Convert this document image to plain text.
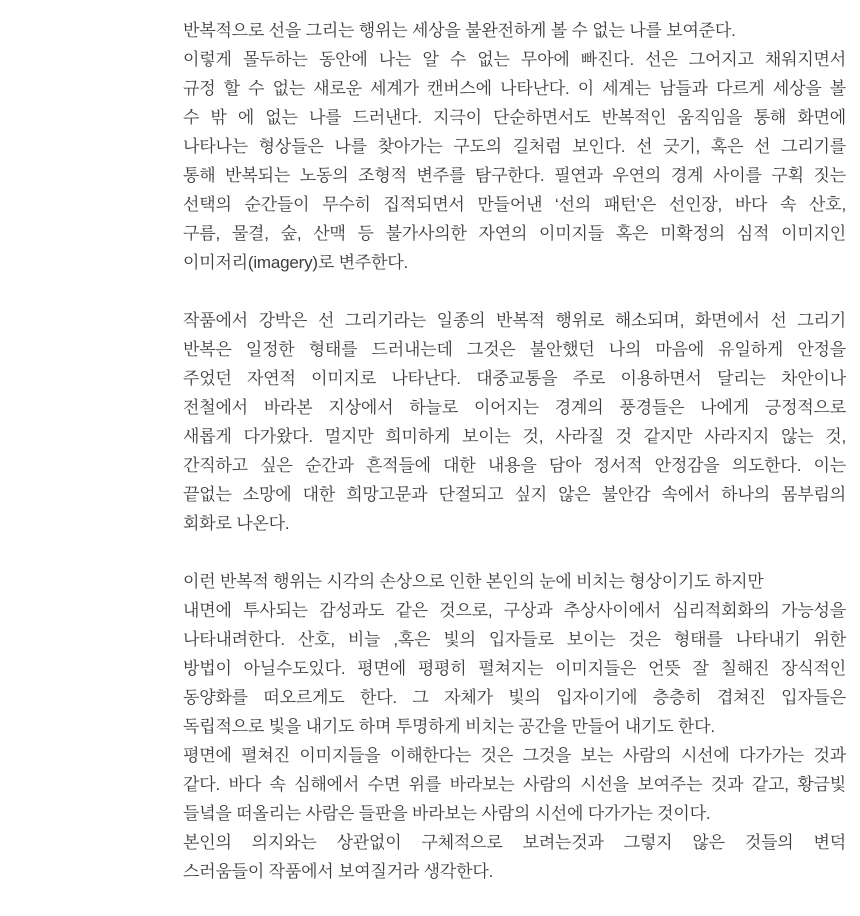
반복적으로 선을 그리는 행위는 세상을 불완전하게 볼 수 없는 나를 보여준다.
이렇게 몰두하는 동안에 나는 알 수 없는 무아에 빠진다. 선은 그어지고 채워지면서
규정 할 수 없는 새로운 세계가 캔버스에 나타난다. 이 세계는 남들과 다르게 세상을 볼
수 밖 에 없는 나를 드러낸다. 지극이 단순하면서도 반복적인 움직임을 통해 화면에
나타나는 형상들은 나를 찾아가는 구도의 길처럼 보인다. 선 긋기, 혹은 선 그리기를
통해 반복되는 노동의 조형적 변주를 탐구한다. 필연과 우연의 경계 사이를 구획 짓는
선택의 순간들이 무수히 집적되면서 만들어낸 ‘선의 패턴’은 선인장, 바다 속 산호,
구름, 물결, 숲, 산맥 등 불가사의한 자연의 이미지들 혹은 미확정의 심적 이미지인
이미저리(imagery)로 변주한다.

작품에서 강박은 선 그리기라는 일종의 반복적 행위로 해소되며, 화면에서 선 그리기
반복은 일정한 형태를 드러내는데 그것은 불안했던 나의 마음에 유일하게 안정을
주었던 자연적 이미지로 나타난다. 대중교통을 주로 이용하면서 달리는 차안이나
전철에서 바라본 지상에서 하늘로 이어지는 경계의 풍경들은 나에게 긍정적으로
새롭게 다가왔다. 멀지만 희미하게 보이는 것, 사라질 것 같지만 사라지지 않는 것,
간직하고 싶은 순간과 흔적들에 대한 내용을 담아 정서적 안정감을 의도한다. 이는
끝없는 소망에 대한 희망고문과 단절되고 싶지 않은 불안감 속에서 하나의 몸부림의
회화로 나온다.

이런 반복적 행위는 시각의 손상으로 인한 본인의 눈에 비치는 형상이기도 하지만
내면에 투사되는 감성과도 같은 것으로, 구상과 추상사이에서 심리적회화의 가능성을
나타내려한다. 산호, 비늘 ,혹은 빛의 입자들로 보이는 것은 형태를 나타내기 위한
방법이 아닐수도있다. 평면에 평평히 펼쳐지는 이미지들은 언뜻 잘 칠해진 장식적인
동양화를 떠오르게도 한다. 그 자체가 빛의 입자이기에 층층히 겹쳐진 입자들은
독립적으로 빛을 내기도 하며 투명하게 비치는 공간을 만들어 내기도 한다.
평면에 펼쳐진 이미지들을 이해한다는 것은 그것을 보는 사람의 시선에 다가가는 것과
같다. 바다 속 심해에서 수면 위를 바라보는 사람의 시선을 보여주는 것과 같고, 황금빛
들녘을 떠올리는 사람은 들판을 바라보는 사람의 시선에 다가가는 것이다.
본인의 의지와는 상관없이 구체적으로 보려는것과 그렇지 않은 것들의 변덕
스러움들이 작품에서 보여질거라 생각한다.
